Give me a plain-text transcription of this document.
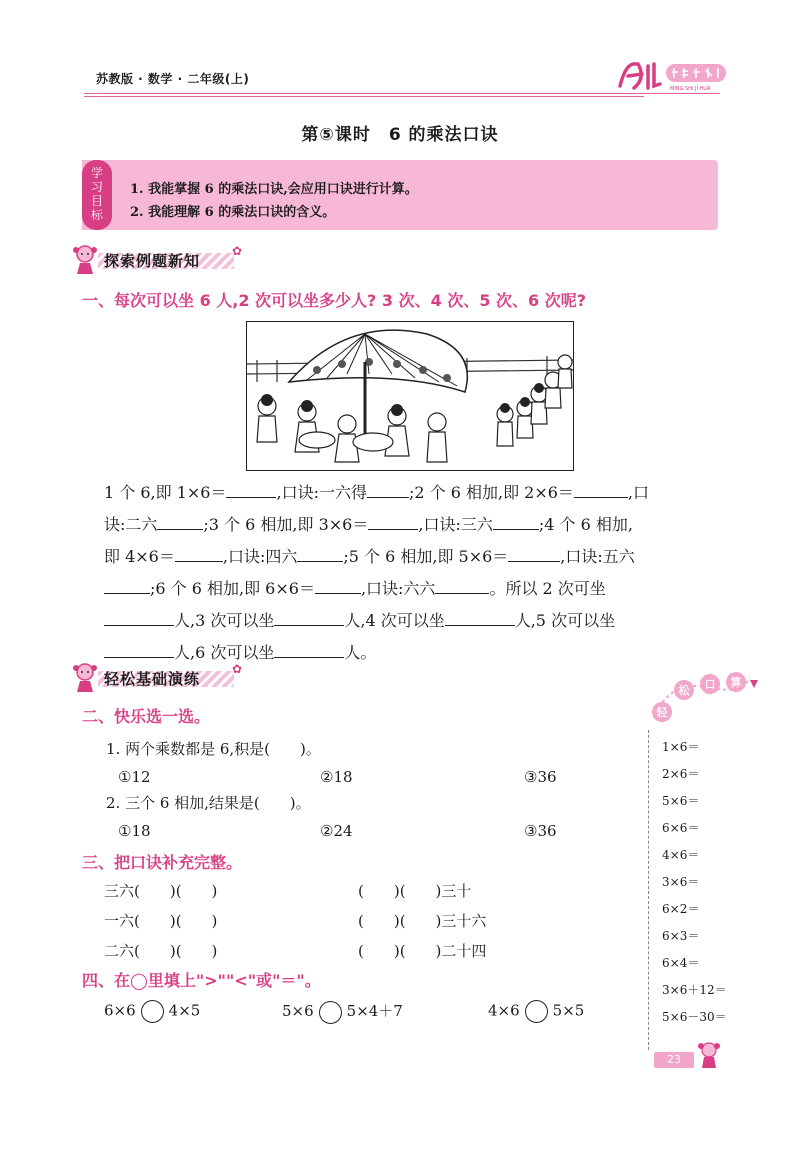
苏教版 · 数学 · 二年级(上)
MING SHI JI HUA
第⑤课时　6 的乘法口诀
学
习
目
标
1. 我能掌握 6 的乘法口诀,会应用口诀进行计算。
2. 我能理解 6 的乘法口诀的含义。
探索例题新知
✿
一、每次可以坐 6 人,2 次可以坐多少人? 3 次、4 次、5 次、6 次呢?
1 个 6,即 1×6＝	,口诀:一六得	;2 个 6 相加,即 2×6＝	,口
诀:二六	;3 个 6 相加,即 3×6＝	,口诀:三六	;4 个 6 相加,
即 4×6＝	,口诀:四六	;5 个 6 相加,即 5×6＝	,口诀:五六
;6 个 6 相加,即 6×6＝	,口诀:六六	。所以 2 次可坐
人,3 次可以坐	人,4 次可以坐	人,5 次可以坐
人,6 次可以坐	人。
轻松基础演练
✿
二、快乐选一选。
1. 两个乘数都是 6,积是(　　)。
①12	②18	③36
2. 三个 6 相加,结果是(　　)。
①18	②24	③36
三、把口诀补充完整。
三六(　　)(　　)	(　　)(　　)三十
一六(　　)(　　)	(　　)(　　)三十六
二六(　　)(　　)	(　　)(　　)二十四
四、在◯里填上">""<"或"＝"。
6×6 4×5	5×6 5×4＋7	4×6 5×5
轻
松 口 算
1×6＝
2×6＝
5×6＝
6×6＝
4×6＝
3×6＝
6×2＝
6×3＝
6×4＝
3×6＋12＝
5×6－30＝
23
